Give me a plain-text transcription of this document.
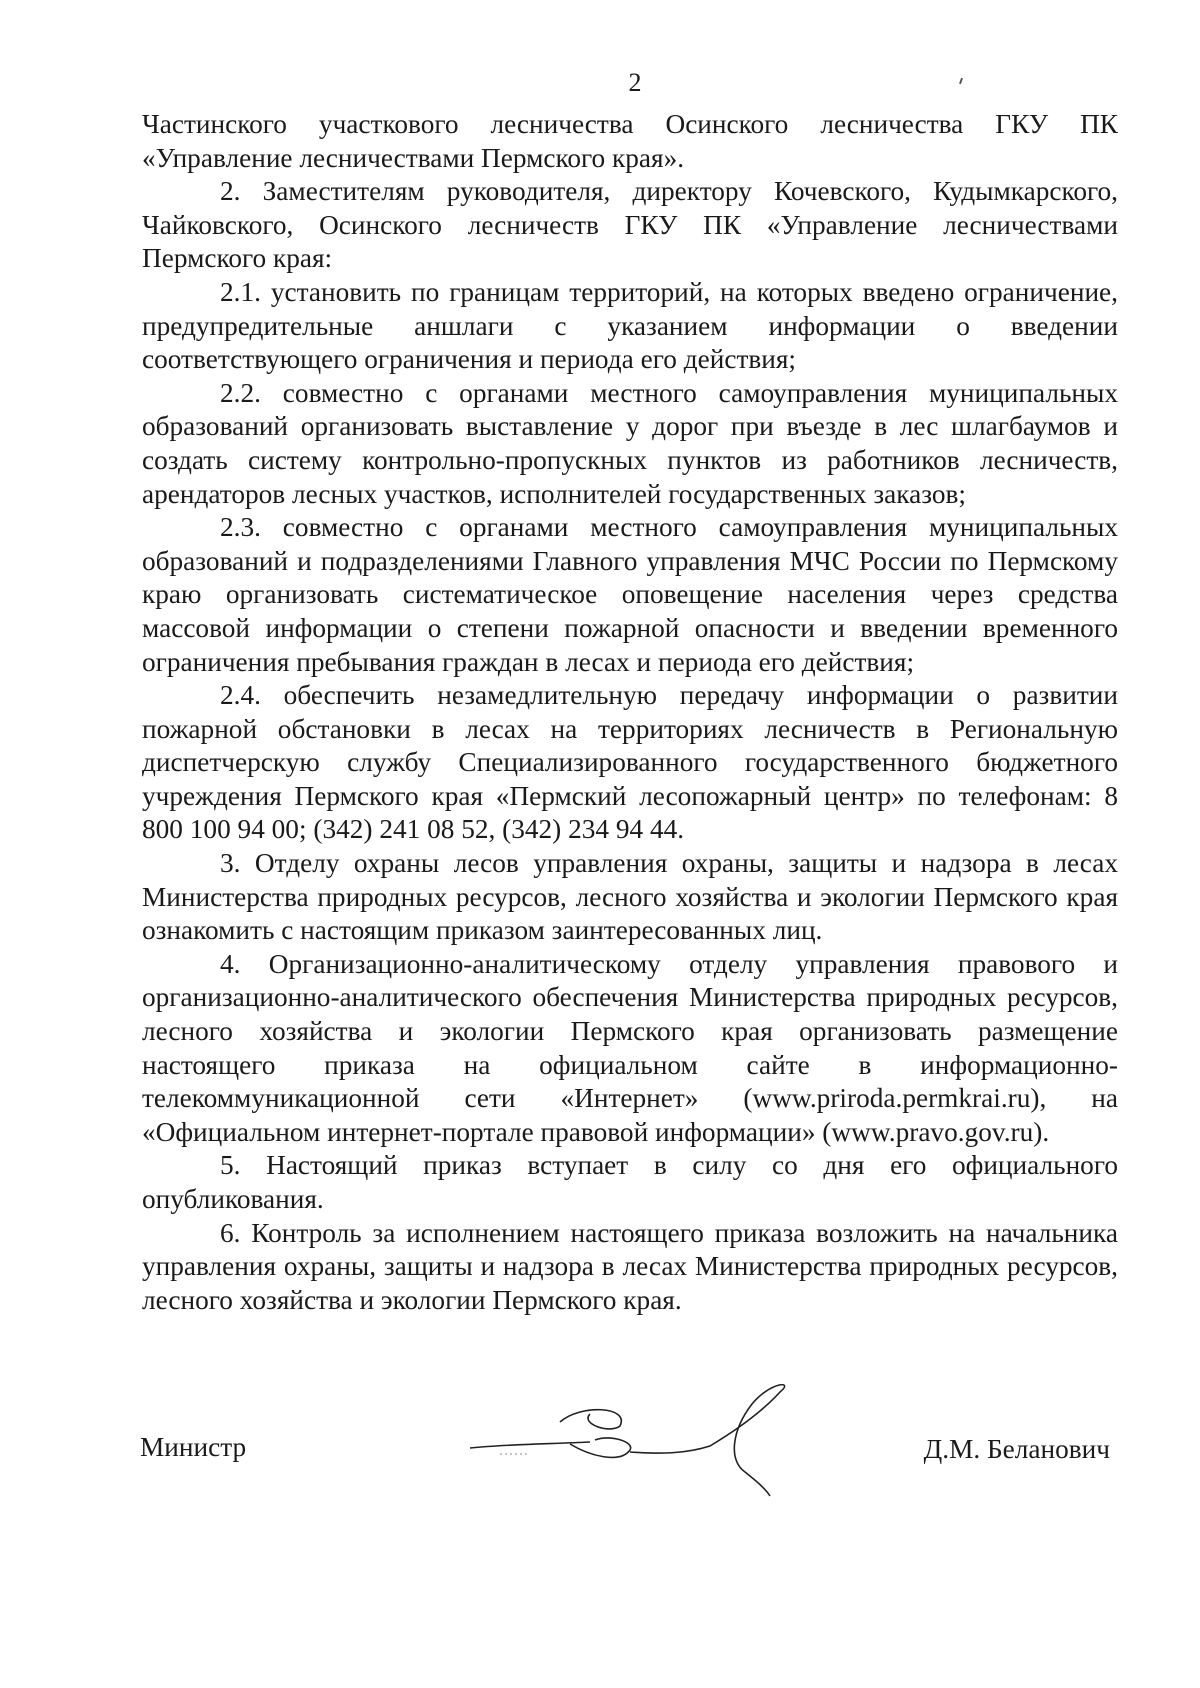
2

Частинского участкового лесничества Осинского лесничества ГКУ ПК «Управление лесничествами Пермского края».

2. Заместителям руководителя, директору Кочевского, Кудымкарского, Чайковского, Осинского лесничеств ГКУ ПК «Управление лесничествами Пермского края:

2.1. установить по границам территорий, на которых введено ограничение, предупредительные аншлаги с указанием информации о введении соответствующего ограничения и периода его действия;

2.2. совместно с органами местного самоуправления муниципальных образований организовать выставление у дорог при въезде в лес шлагбаумов и создать систему контрольно-пропускных пунктов из работников лесничеств, арендаторов лесных участков, исполнителей государственных заказов;

2.3. совместно с органами местного самоуправления муниципальных образований и подразделениями Главного управления МЧС России по Пермскому краю организовать систематическое оповещение населения через средства массовой информации о степени пожарной опасности и введении временного ограничения пребывания граждан в лесах и периода его действия;

2.4. обеспечить незамедлительную передачу информации о развитии пожарной обстановки в лесах на территориях лесничеств в Региональную диспетчерскую службу Специализированного государственного бюджетного учреждения Пермского края «Пермский лесопожарный центр» по телефонам: 8 800 100 94 00; (342) 241 08 52, (342) 234 94 44.

3. Отделу охраны лесов управления охраны, защиты и надзора в лесах Министерства природных ресурсов, лесного хозяйства и экологии Пермского края ознакомить с настоящим приказом заинтересованных лиц.

4. Организационно-аналитическому отделу управления правового и организационно-аналитического обеспечения Министерства природных ресурсов, лесного хозяйства и экологии Пермского края организовать размещение настоящего приказа на официальном сайте в информационно-телекоммуникационной сети «Интернет» (www.priroda.permkrai.ru), на «Официальном интернет-портале правовой информации» (www.pravo.gov.ru).

5. Настоящий приказ вступает в силу со дня его официального опубликования.

6. Контроль за исполнением настоящего приказа возложить на начальника управления охраны, защиты и надзора в лесах Министерства природных ресурсов, лесного хозяйства и экологии Пермского края.

Министр	Д.М. Беланович
